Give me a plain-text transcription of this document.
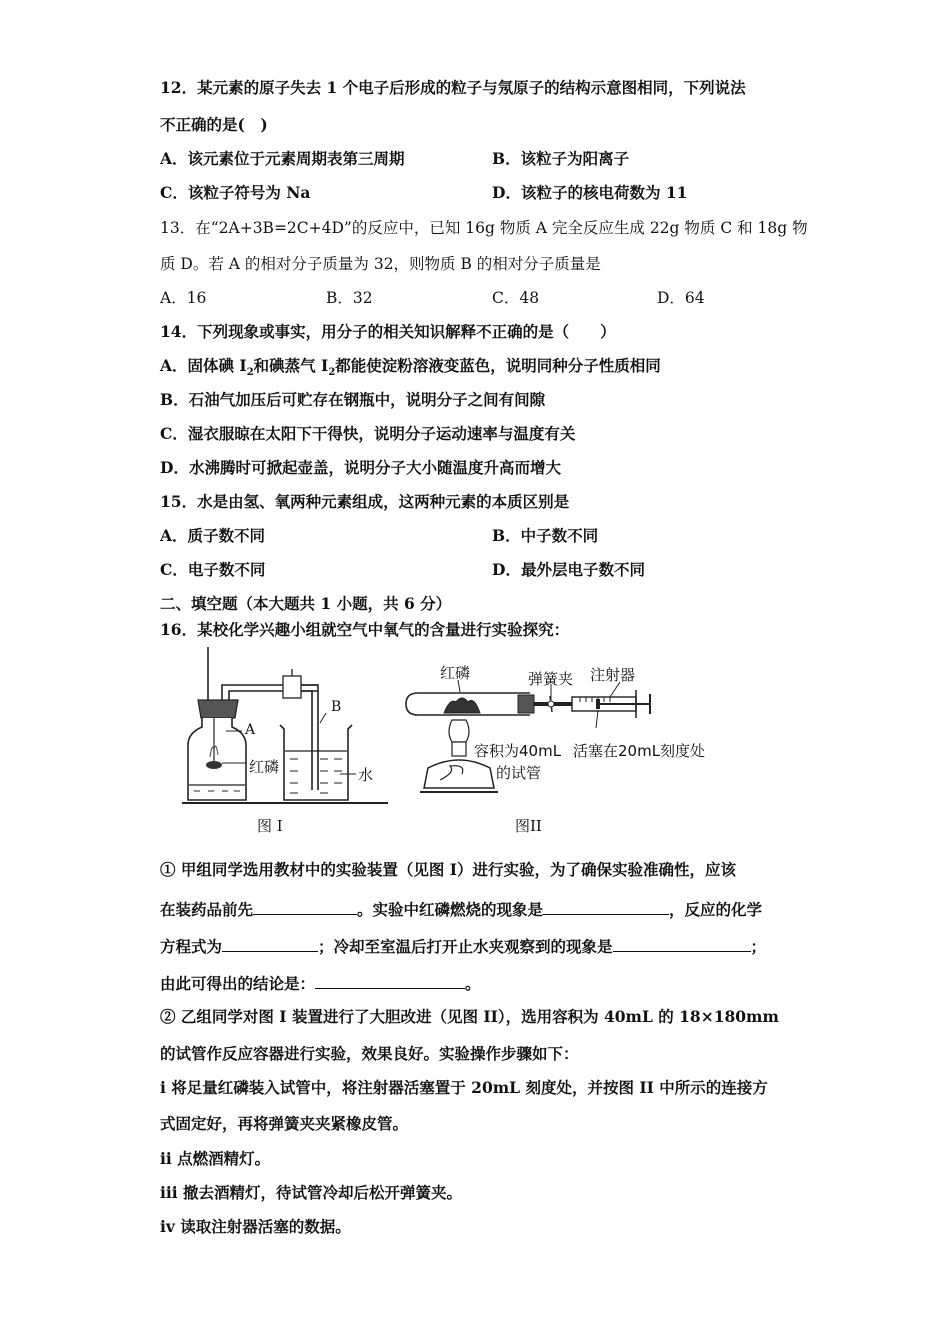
12．某元素的原子失去 1 个电子后形成的粒子与氖原子的结构示意图相同，下列说法
不正确的是(　)
A．该元素位于元素周期表第三周期	B．该粒子为阳离子
C．该粒子符号为 Na	D．该粒子的核电荷数为 11
13．在“2A+3B=2C+4D”的反应中，已知 16g 物质 A 完全反应生成 22g 物质 C 和 18g 物
质 D。若 A 的相对分子质量为 32，则物质 B 的相对分子质量是
A．16	B．32	C．48	D．64
14．下列现象或事实，用分子的相关知识解释不正确的是（　　）
A．固体碘 $I_2$和碘蒸气 $I_2$都能使淀粉溶液变蓝色，说明同种分子性质相同
B．石油气加压后可贮存在钢瓶中，说明分子之间有间隙
C．湿衣服晾在太阳下干得快，说明分子运动速率与温度有关
D．水沸腾时可掀起壶盖，说明分子大小随温度升高而增大
15．水是由氢、氧两种元素组成，这两种元素的本质区别是
A．质子数不同	B．中子数不同
C．电子数不同	D．最外层电子数不同
二、填空题（本大题共 1 小题，共 6 分）
16．某校化学兴趣小组就空气中氧气的含量进行实验探究：
A
B
红磷	水
图 I
红磷	弹簧夹 注射器
容积为40mL
的试管
活塞在20mL刻度处
图II
① 甲组同学选用教材中的实验装置（见图 I）进行实验，为了确保实验准确性，应该
在装药品前先	。实验中红磷燃烧的现象是	，反应的化学
方程式为	；冷却至室温后打开止水夹观察到的现象是	；
由此可得出的结论是：	。
② 乙组同学对图 I 装置进行了大胆改进（见图 II），选用容积为 40mL 的 18×180mm
的试管作反应容器进行实验，效果良好。实验操作步骤如下：
i 将足量红磷装入试管中，将注射器活塞置于 20mL 刻度处，并按图 II 中所示的连接方
式固定好，再将弹簧夹夹紧橡皮管。
ii 点燃酒精灯。
iii 撤去酒精灯，待试管冷却后松开弹簧夹。
iv 读取注射器活塞的数据。
